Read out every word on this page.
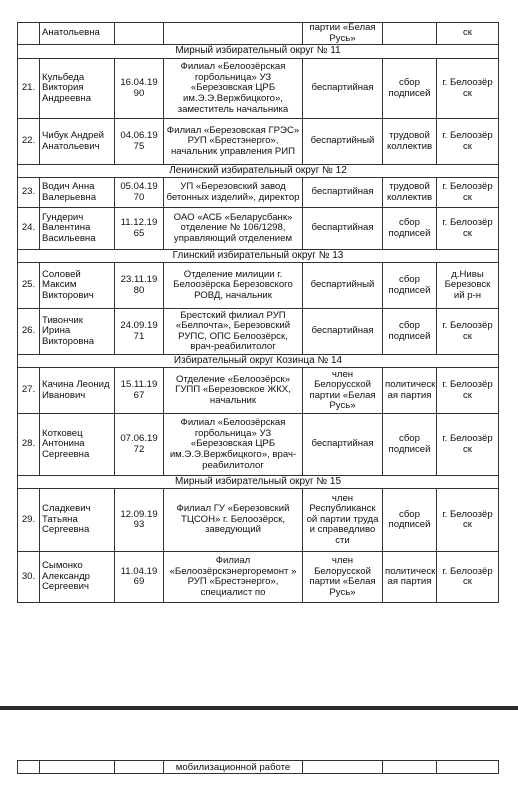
	Анатольевна			партии «Белая Русь»		ск
Мирный избирательный округ № 11						
21.	Кульбеда Виктория Андреевна	16.04.19 90	Филиал «Белоозёрская горбольница» УЗ «Березовская ЦРБ им.Э.Э.Вержбицкого», заместитель начальника	беспартийная	сбор подписей	г. Белоозёр ск
22.	Чибук Андрей Анатольевич	04.06.19 75	Филиал «Березовская ГРЭС» РУП «Брестэнерго», начальник управления РИП	беспартийный	трудовой коллектив	г. Белоозёр ск
Ленинский избирательный округ № 12						
23.	Водич Анна Валерьевна	05.04.19 70	УП «Березовский завод бетонных изделий», директор	беспартийная	трудовой коллектив	г. Белоозёр ск
24.	Гундерич Валентина Васильевна	11.12.19 65	ОАО «АСБ «Беларусбанк» отделение № 106/1298, управляющий отделением	беспартийная	сбор подписей	г. Белоозёр ск
Глинский избирательный округ № 13						
25.	Соловей Максим Викторович	23.11.19 80	Отделение милиции г. Белоозёрска Березовского РОВД, начальник	беспартийный	сбор подписей	д.Нивы Березовск ий р-н
26.	Тивончик Ирина Викторовна	24.09.19 71	Брестский филиал РУП «Белпочта», Березовский РУПС, ОПС Белоозёрск, врач-реабилитолог	беспартийная	сбор подписей	г. Белоозёр ск
Избирательный округ Козинца № 14						
27.	Качина Леонид Иванович	15.11.19 67	Отделение «Белоозёрск» ГУПП «Березовское ЖКХ, начальник	член Белорусской партии «Белая Русь»	политическ ая партия	г. Белоозёр ск
28.	Котковец Антонина Сергеевна	07.06.19 72	Филиал «Белоозёрская горбольница» УЗ «Березовская ЦРБ им.Э.Э.Вержбицкого», врач-реабилитолог	беспартийная	сбор подписей	г. Белоозёр ск
Мирный избирательный округ № 15						
29.	Сладкевич Татьяна Сергеевна	12.09.19 93	Филиал ГУ «Березовский ТЦСОН» г. Белоозёрск, заведующий	член Республиканск ой партии труда и справедливо сти	сбор подписей	г. Белоозёр ск
30.	Сымонко Александр Сергеевич	11.04.19 69	Филиал «Белоозёрскэнергоремонт » РУП «Брестэнерго», специалист по	член Белорусской партии «Белая Русь»	политическ ая партия	г. Белоозёр ск
			мобилизационной работе			
